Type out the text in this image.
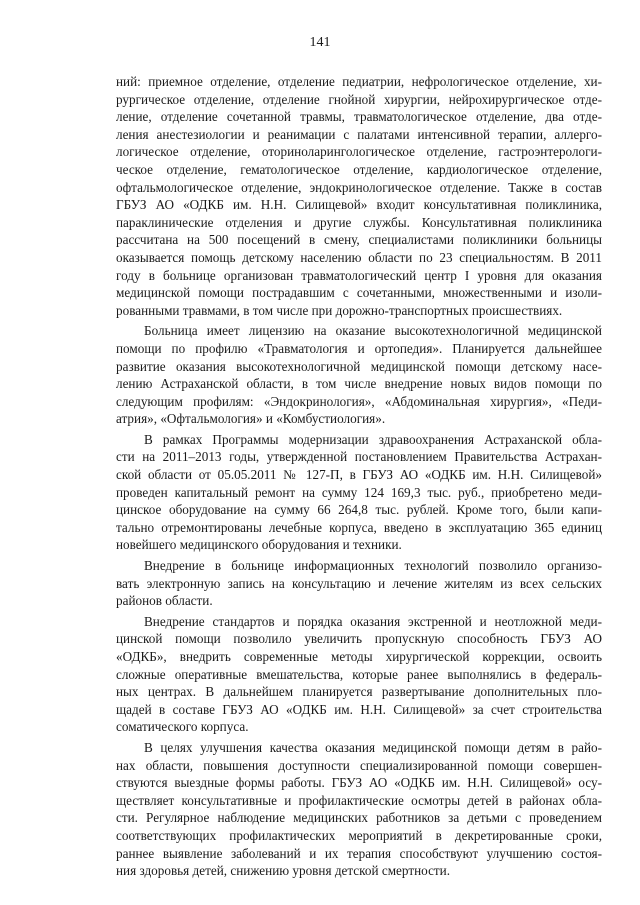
141
ний: приемное отделение, отделение педиатрии, нефрологическое отделение, хи-
рургическое отделение, отделение гнойной хирургии, нейрохирургическое отде-
ление, отделение сочетанной травмы, травматологическое отделение, два отде-
ления анестезиологии и реанимации с палатами интенсивной терапии, аллерго-
логическое отделение, оториноларингологическое отделение, гастроэнтерологи-
ческое отделение, гематологическое отделение, кардиологическое отделение,
офтальмологическое отделение, эндокринологическое отделение. Также в состав
ГБУЗ АО «ОДКБ им. Н.Н. Силищевой» входит консультативная поликлиника,
параклинические отделения и другие службы. Консультативная поликлиника
рассчитана на 500 посещений в смену, специалистами поликлиники больницы
оказывается помощь детскому населению области по 23 специальностям. В 2011
году в больнице организован травматологический центр I уровня для оказания
медицинской помощи пострадавшим с сочетанными, множественными и изоли-
рованными травмами, в том числе при дорожно-транспортных происшествиях.
Больница имеет лицензию на оказание высокотехнологичной медицинской
помощи по профилю «Травматология и ортопедия». Планируется дальнейшее
развитие оказания высокотехнологичной медицинской помощи детскому насе-
лению Астраханской области, в том числе внедрение новых видов помощи по
следующим профилям: «Эндокринология», «Абдоминальная хирургия», «Педи-
атрия», «Офтальмология» и «Комбустиология».
В рамках Программы модернизации здравоохранения Астраханской обла-
сти на 2011–2013 годы, утвержденной постановлением Правительства Астрахан-
ской области от 05.05.2011 № 127-П, в ГБУЗ АО «ОДКБ им. Н.Н. Силищевой»
проведен капитальный ремонт на сумму 124 169,3 тыс. руб., приобретено меди-
цинское оборудование на сумму 66 264,8 тыс. рублей. Кроме того, были капи-
тально отремонтированы лечебные корпуса, введено в эксплуатацию 365 единиц
новейшего медицинского оборудования и техники.
Внедрение в больнице информационных технологий позволило организо-
вать электронную запись на консультацию и лечение жителям из всех сельских
районов области.
Внедрение стандартов и порядка оказания экстренной и неотложной меди-
цинской помощи позволило увеличить пропускную способность ГБУЗ АО
«ОДКБ», внедрить современные методы хирургической коррекции, освоить
сложные оперативные вмешательства, которые ранее выполнялись в федераль-
ных центрах. В дальнейшем планируется развертывание дополнительных пло-
щадей в составе ГБУЗ АО «ОДКБ им. Н.Н. Силищевой» за счет строительства
соматического корпуса.
В целях улучшения качества оказания медицинской помощи детям в райо-
нах области, повышения доступности специализированной помощи совершен-
ствуются выездные формы работы. ГБУЗ АО «ОДКБ им. Н.Н. Силищевой» осу-
ществляет консультативные и профилактические осмотры детей в районах обла-
сти. Регулярное наблюдение медицинских работников за детьми с проведением
соответствующих профилактических мероприятий в декретированные сроки,
раннее выявление заболеваний и их терапия способствуют улучшению состоя-
ния здоровья детей, снижению уровня детской смертности.
